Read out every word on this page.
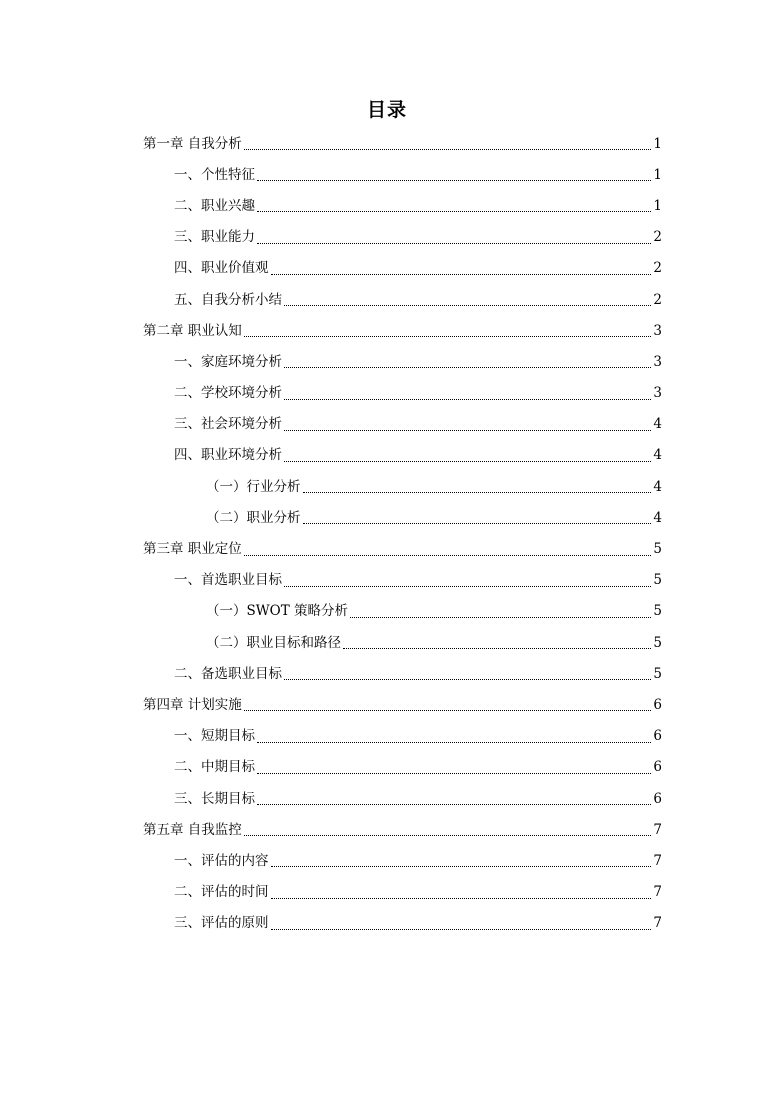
目录
第一章 自我分析	1
一、个性特征	1
二、职业兴趣	1
三、职业能力	2
四、职业价值观	2
五、自我分析小结	2
第二章 职业认知	3
一、家庭环境分析	3
二、学校环境分析	3
三、社会环境分析	4
四、职业环境分析	4
（一）行业分析	4
（二）职业分析	4
第三章 职业定位	5
一、首选职业目标	5
（一）SWOT 策略分析	5
（二）职业目标和路径	5
二、备选职业目标	5
第四章 计划实施	6
一、短期目标	6
二、中期目标	6
三、长期目标	6
第五章 自我监控	7
一、评估的内容	7
二、评估的时间	7
三、评估的原则	7
